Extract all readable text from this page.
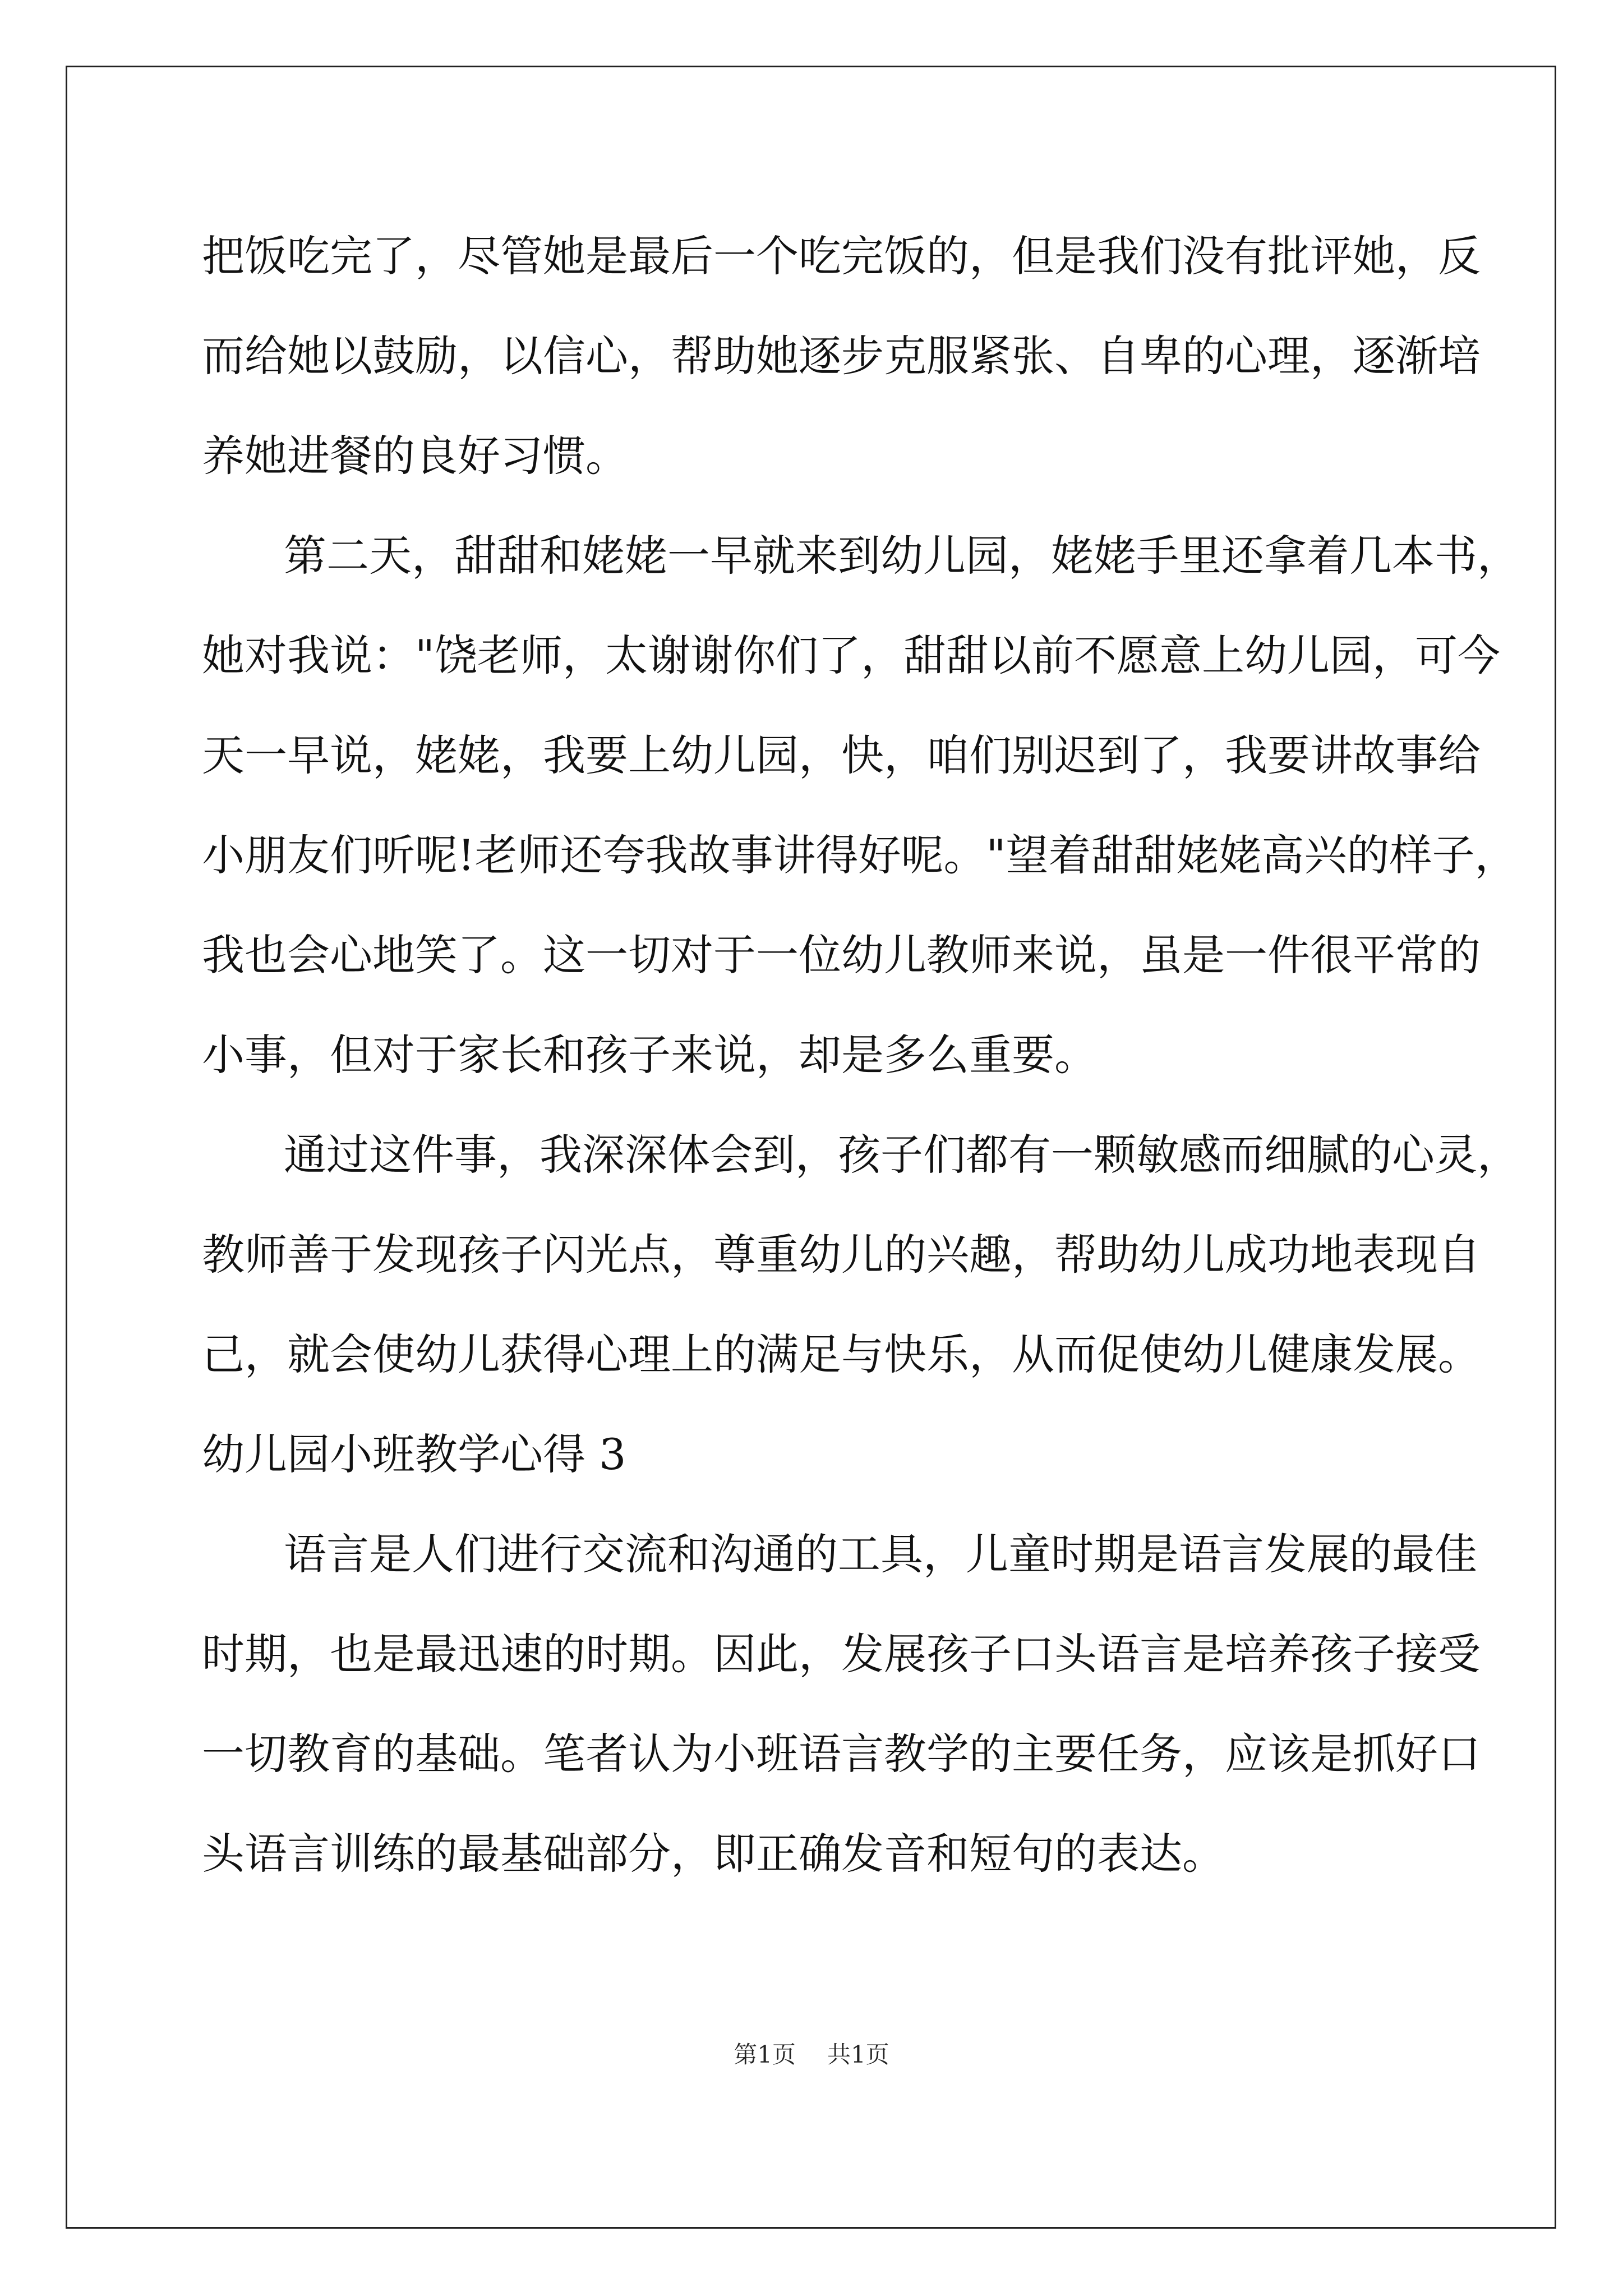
把饭吃完了，尽管她是最后一个吃完饭的，但是我们没有批评她，反
而给她以鼓励，以信心，帮助她逐步克服紧张、自卑的心理，逐渐培
养她进餐的良好习惯。
第二天，甜甜和姥姥一早就来到幼儿园，姥姥手里还拿着几本书，
她对我说："饶老师，太谢谢你们了，甜甜以前不愿意上幼儿园，可今
天一早说，姥姥，我要上幼儿园，快，咱们别迟到了，我要讲故事给
小朋友们听呢!老师还夸我故事讲得好呢。"望着甜甜姥姥高兴的样子，
我也会心地笑了。这一切对于一位幼儿教师来说，虽是一件很平常的
小事，但对于家长和孩子来说，却是多么重要。
通过这件事，我深深体会到，孩子们都有一颗敏感而细腻的心灵，
教师善于发现孩子闪光点，尊重幼儿的兴趣，帮助幼儿成功地表现自
己，就会使幼儿获得心理上的满足与快乐，从而促使幼儿健康发展。
幼儿园小班教学心得 3
语言是人们进行交流和沟通的工具，儿童时期是语言发展的最佳
时期，也是最迅速的时期。因此，发展孩子口头语言是培养孩子接受
一切教育的基础。笔者认为小班语言教学的主要任务，应该是抓好口
头语言训练的最基础部分，即正确发音和短句的表达。
第1页 共1页
